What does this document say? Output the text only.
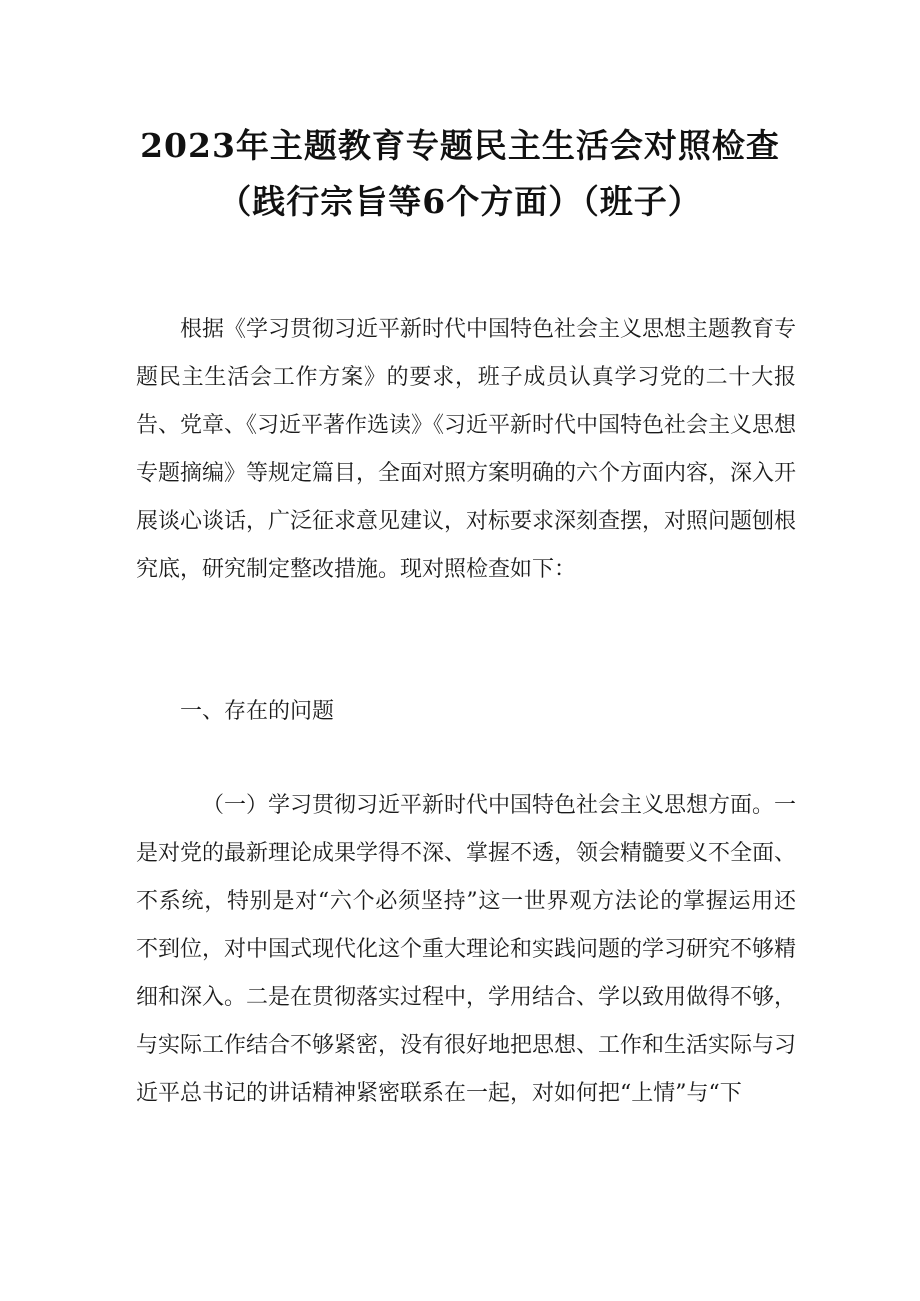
2023年主题教育专题民主生活会对照检查
（践行宗旨等6个方面）（班子）
根据《学习贯彻习近平新时代中国特色社会主义思想主题教育专题民主生活会工作方案》的要求，班子成员认真学习党的二十大报告、党章、《习近平著作选读》《习近平新时代中国特色社会主义思想专题摘编》等规定篇目，全面对照方案明确的六个方面内容，深入开展谈心谈话，广泛征求意见建议，对标要求深刻查摆，对照问题刨根究底，研究制定整改措施。现对照检查如下：
一、存在的问题
（一）学习贯彻习近平新时代中国特色社会主义思想方面。一是对党的最新理论成果学得不深、掌握不透，领会精髓要义不全面、不系统，特别是对“六个必须坚持”这一世界观方法论的掌握运用还不到位，对中国式现代化这个重大理论和实践问题的学习研究不够精细和深入。二是在贯彻落实过程中，学用结合、学以致用做得不够，与实际工作结合不够紧密，没有很好地把思想、工作和生活实际与习近平总书记的讲话精神紧密联系在一起，对如何把“上情”与“下
